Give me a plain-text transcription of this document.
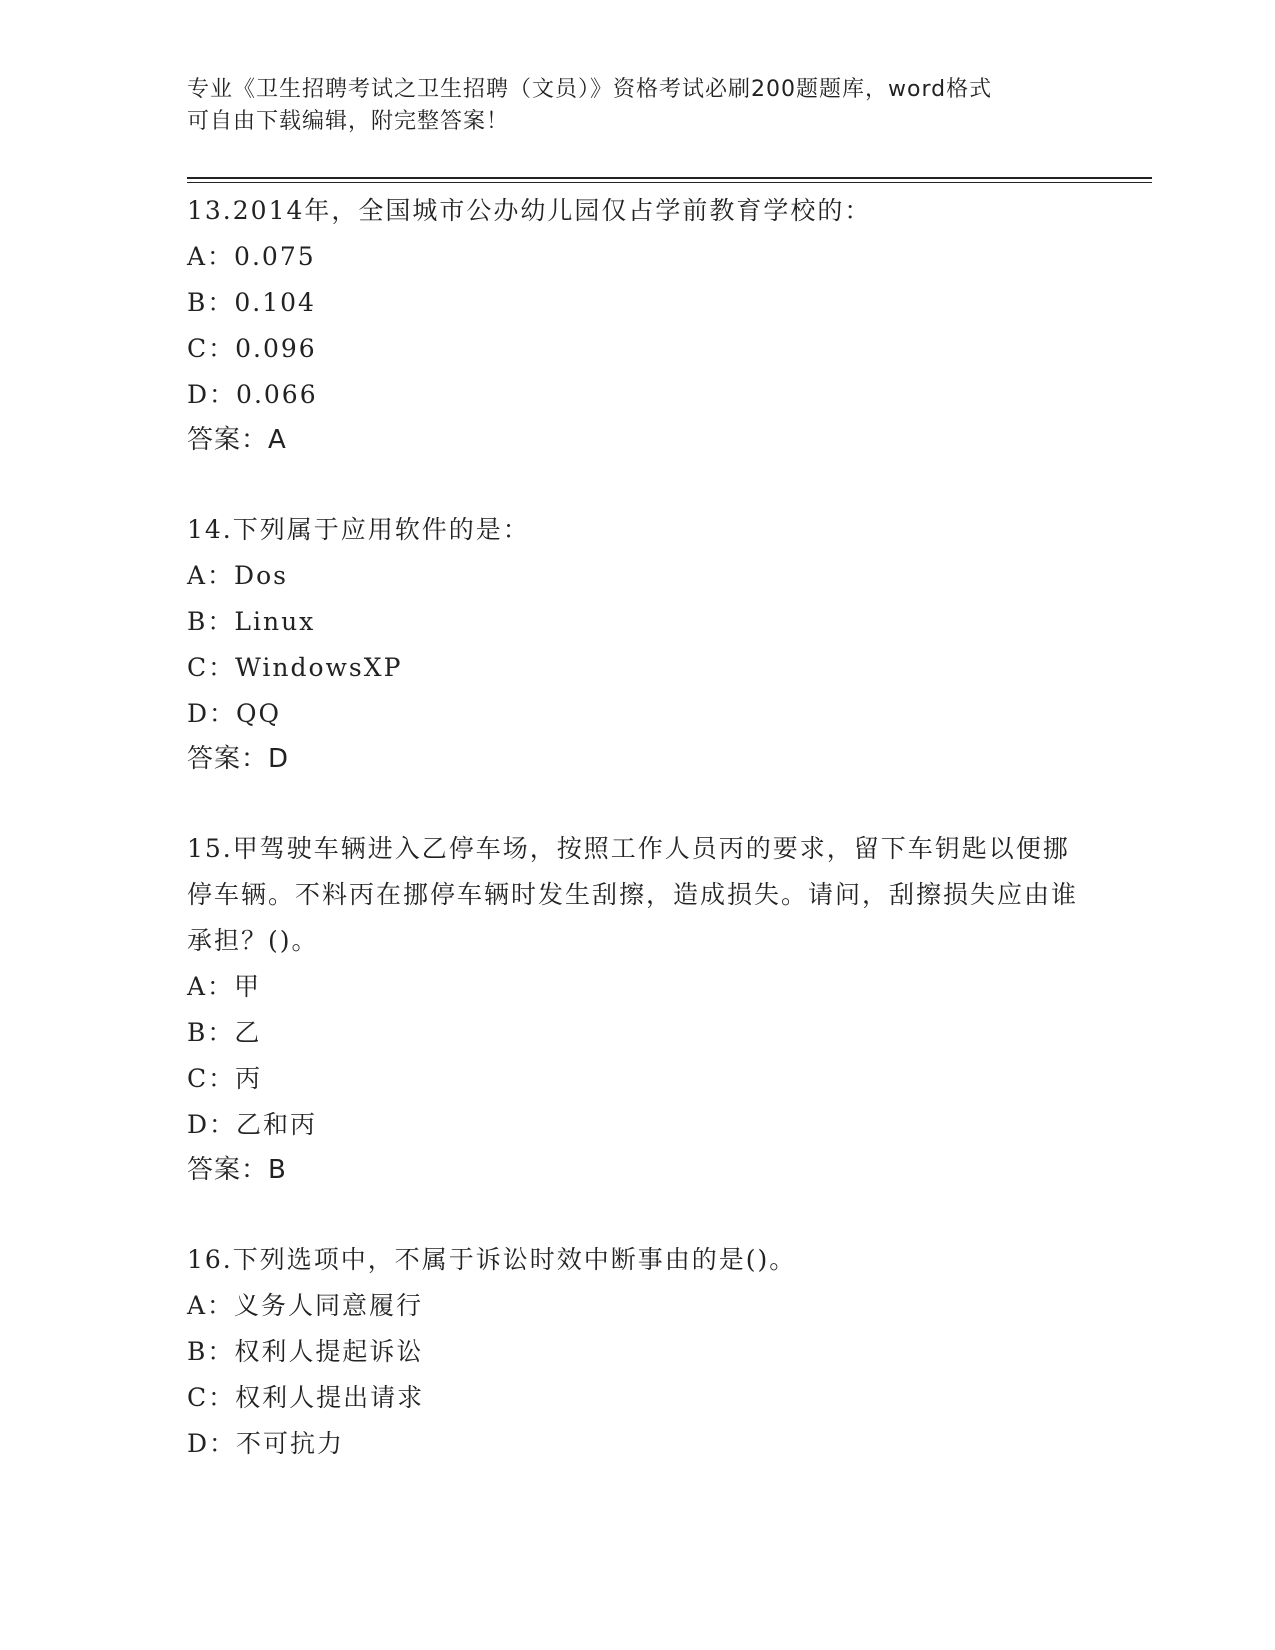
专业《卫生招聘考试之卫生招聘（文员）》资格考试必刷200题题库，word格式
可自由下载编辑，附完整答案！

13.2014年，全国城市公办幼儿园仅占学前教育学校的：

A：0.075

B：0.104

C：0.096

D：0.066

答案：A

14.下列属于应用软件的是：

A：Dos

B：Linux

C：WindowsXP

D：QQ

答案：D

15.甲驾驶车辆进入乙停车场，按照工作人员丙的要求，留下车钥匙以便挪停车辆。不料丙在挪停车辆时发生刮擦，造成损失。请问，刮擦损失应由谁承担？()。

A：甲

B：乙

C：丙

D：乙和丙

答案：B

16.下列选项中，不属于诉讼时效中断事由的是()。

A：义务人同意履行

B：权利人提起诉讼

C：权利人提出请求

D：不可抗力
